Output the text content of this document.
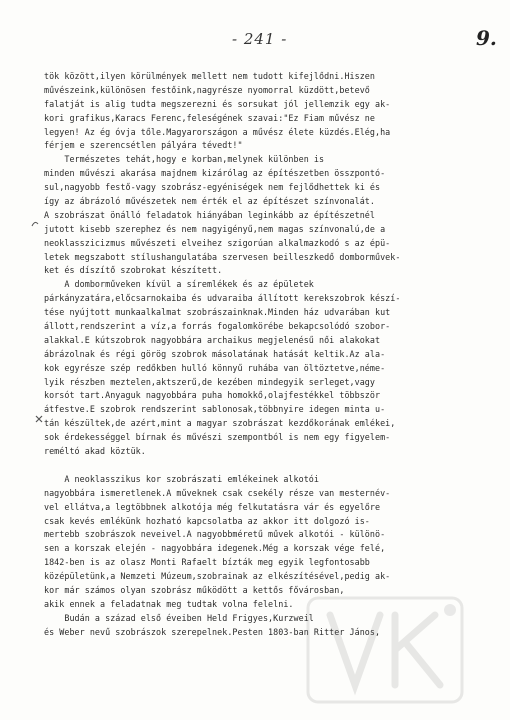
- 241 -	9.
tök között,ilyen körülmények mellett nem tudott kifejlődni.Hiszen
művészeink,különösen festőink,nagyrésze nyomorral küzdött,betevő
falatját is alig tudta megszerezni és sorsukat jól jellemzik egy ak-
kori grafikus,Karacs Ferenc,feleségének szavai:"Ez Fiam művész ne
legyen! Az ég óvja tőle.Magyarországon a művész élete küzdés.Elég,ha
férjem e szerencsétlen pályára tévedt!"
Természetes tehát,hogy e korban,melynek különben is
minden művészi akarása majdnem kizárólag az építészetben összpontó-
sul,nagyobb festő-vagy szobrász-egyéniségek nem fejlődhettek ki és
így az ábrázoló művészetek nem érték el az építészet színvonalát.
A szobrászat önálló feladatok hiányában leginkább az építészetnél
jutott kisebb szerephez és nem nagyigényű,nem magas színvonalú,de a
neoklasszicizmus művészeti elveihez szigorúan alkalmazkodó s az épü-
letek megszabott stílushangulatába szervesen beilleszkedő domborművek-
ket és díszítő szobrokat készített.
A domborműveken kívül a síremlékek és az épületek
párkányzatára,előcsarnokaiba és udvaraiba állított kerekszobrok készí-
tése nyújtott munkaalkalmat szobrászainknak.Minden ház udvarában kut
állott,rendszerint a víz,a forrás fogalomkörébe bekapcsolódó szobor-
alakkal.E kútszobrok nagyobbára archaikus megjelenésű női alakokat
ábrázolnak és régi görög szobrok másolatának hatását keltik.Az ala-
kok egyrésze szép redőkben hulló könnyű ruhába van öltöztetve,néme-
lyik részben meztelen,aktszerű,de kezében mindegyik serleget,vagy
korsót tart.Anyaguk nagyobbára puha homokkő,olajfestékkel többször
átfestve.E szobrok rendszerint sablonosak,többnyire idegen minta u-
tán készültek,de azért,mint a magyar szobrászat kezdőkorának emlékei,
sok érdekességgel bírnak és művészi szempontból is nem egy figyelem-
reméltó akad köztük.
A neoklasszikus kor szobrászati emlékeinek alkotói
nagyobbára ismeretlenek.A műveknek csak csekély része van mesternév-
vel ellátva,a legtöbbnek alkotója még felkutatásra vár és egyelőre
csak kevés emlékünk hozható kapcsolatba az akkor itt dolgozó is-
mertebb szobrászok neveivel.A nagyobbméretű művek alkotói - különö-
sen a korszak elején - nagyobbára idegenek.Még a korszak vége felé,
1842-ben is az olasz Monti Rafaelt bízták meg egyik legfontosabb
középületünk,a Nemzeti Múzeum,szobrainak az elkészítésével,pedig ak-
kor már számos olyan szobrász működött a kettős fővárosban,
akik ennek a feladatnak meg tudtak volna felelni.
Budán a század első éveiben Held Frigyes,Kurzweil
és Weber nevű szobrászok szerepelnek.Pesten 1803-ban Ritter János,
